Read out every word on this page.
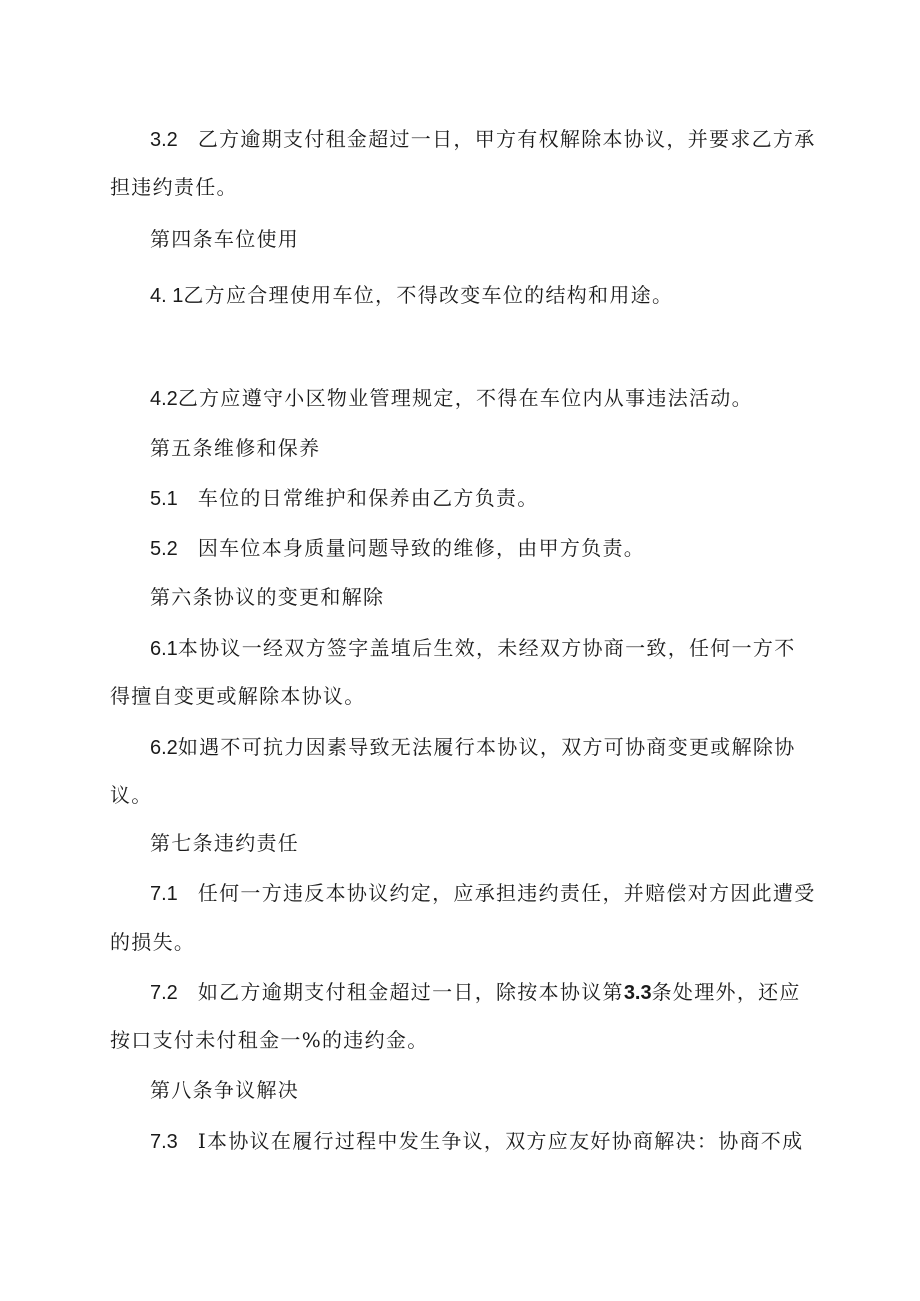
3.2 乙方逾期支付租金超过一日，甲方有权解除本协议，并要求乙方承
担违约责任。
第四条车位使用
4. 1乙方应合理使用车位，不得改变车位的结构和用途。
4.2乙方应遵守小区物业管理规定，不得在车位内从事违法活动。
第五条维修和保养
5.1 车位的日常维护和保养由乙方负责。
5.2 因车位本身质量问题导致的维修，由甲方负责。
第六条协议的变更和解除
6.1本协议一经双方签字盖埴后生效，未经双方协商一致，任何一方不
得擅自变更或解除本协议。
6.2如遇不可抗力因素导致无法履行本协议，双方可协商变更或解除协
议。
第七条违约责任
7.1 任何一方违反本协议约定，应承担违约责任，并赔偿对方因此遭受
的损失。
7.2 如乙方逾期支付租金超过一日，除按本协议第3.3条处理外，还应
按口支付未付租金一%的违约金。
第八条争议解决
7.3 I本协议在履行过程中发生争议，双方应友好协商解决：协商不成
